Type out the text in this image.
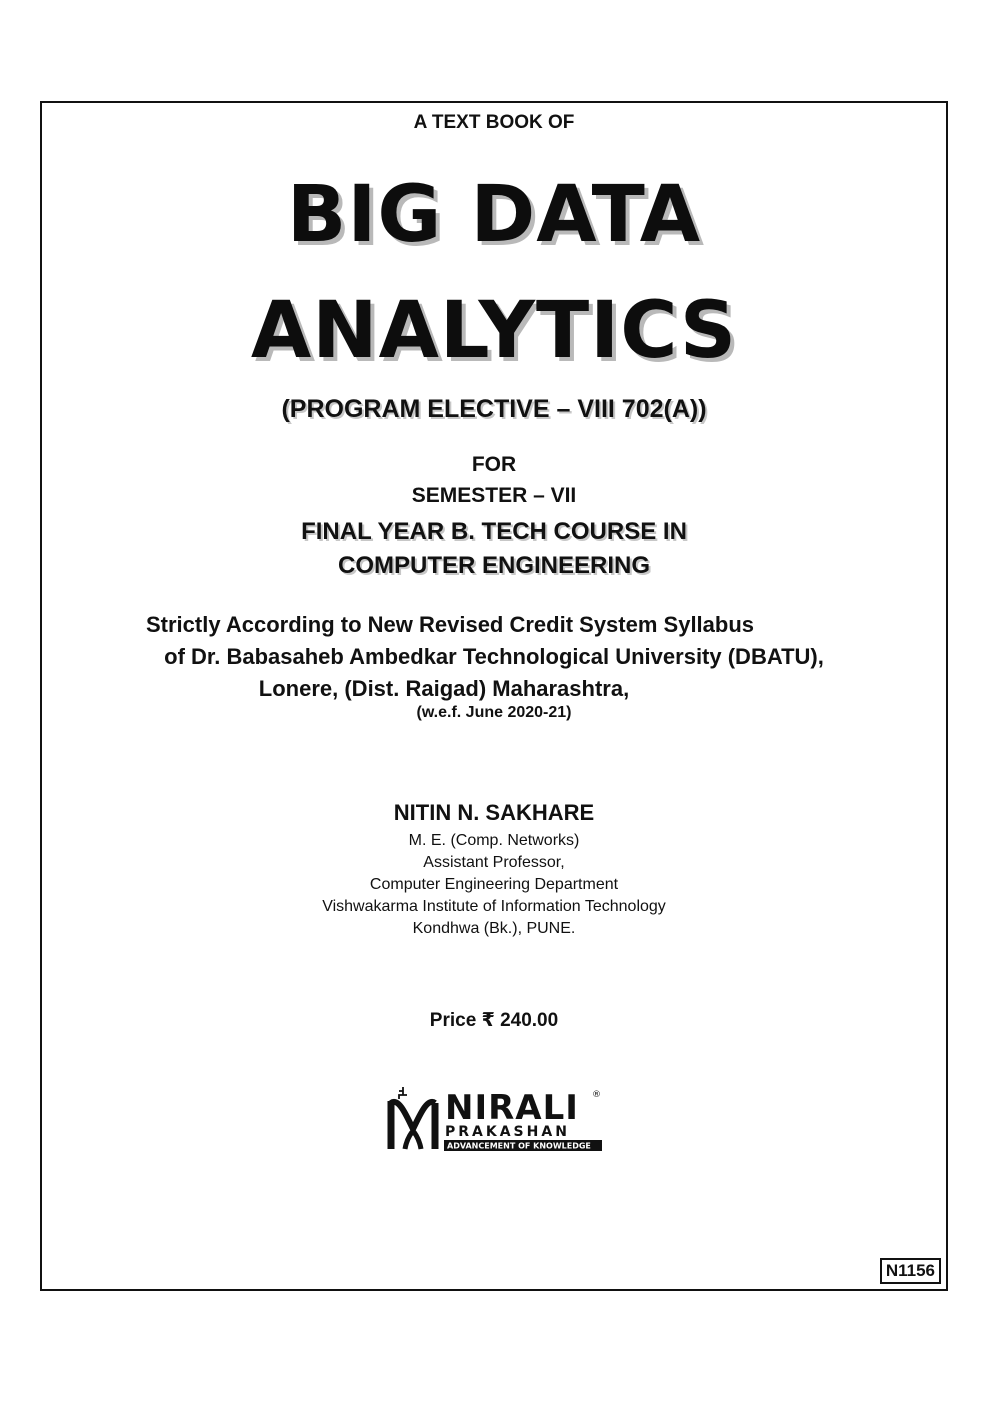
A TEXT BOOK OF
BIG DATA
ANALYTICS
(PROGRAM ELECTIVE – VIII 702(A))
FOR
SEMESTER – VII
FINAL YEAR B. TECH COURSE IN
COMPUTER ENGINEERING
Strictly According to New Revised Credit System Syllabus
of Dr. Babasaheb Ambedkar Technological University (DBATU),
Lonere, (Dist. Raigad) Maharashtra,
(w.e.f. June 2020-21)
NITIN N. SAKHARE
M. E. (Comp. Networks)
Assistant Professor,
Computer Engineering Department
Vishwakarma Institute of Information Technology
Kondhwa (Bk.), PUNE.
Price ₹ 240.00
NIRALI ®
PRAKASHAN
ADVANCEMENT OF KNOWLEDGE
N1156
